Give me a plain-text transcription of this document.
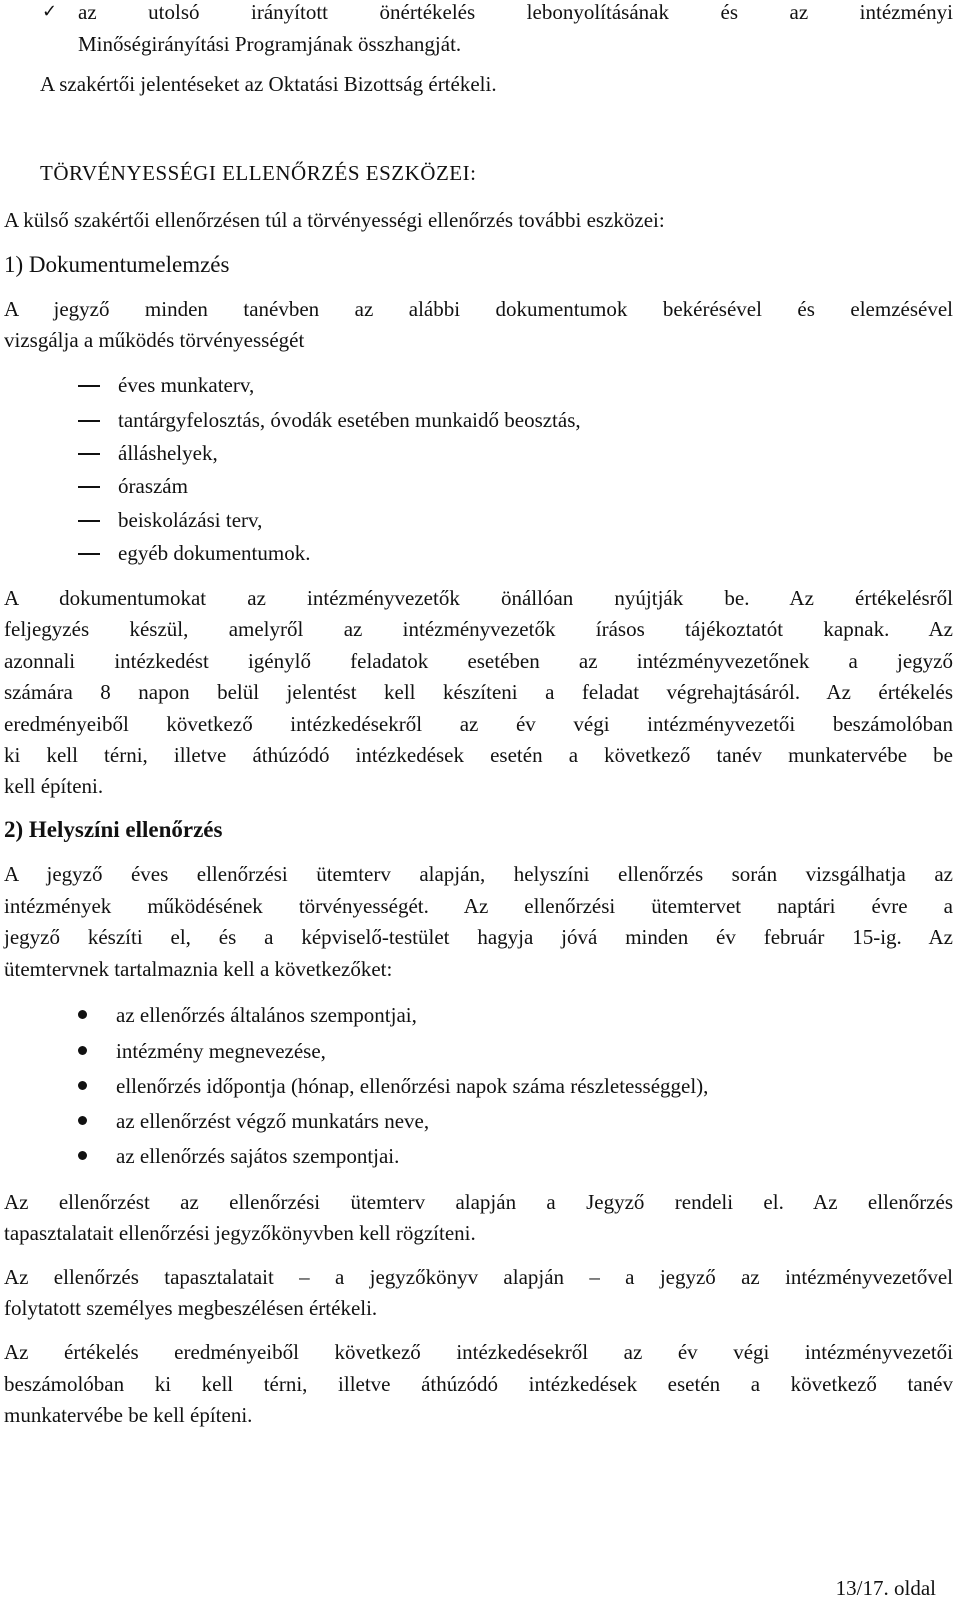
✓ az utolsó irányított önértékelés lebonyolításának és az intézményi
Minőségirányítási Programjának összhangját.
A szakértői jelentéseket az Oktatási Bizottság értékeli.
TÖRVÉNYESSÉGI ELLENŐRZÉS ESZKÖZEI:
A külső szakértői ellenőrzésen túl a törvényességi ellenőrzés további eszközei:
1) Dokumentumelemzés
A jegyző minden tanévben az alábbi dokumentumok bekérésével és elemzésével
vizsgálja a működés törvényességét
éves munkaterv,
tantárgyfelosztás, óvodák esetében munkaidő beosztás,
álláshelyek,
óraszám
beiskolázási terv,
egyéb dokumentumok.
A dokumentumokat az intézményvezetők önállóan nyújtják be. Az értékelésről
feljegyzés készül, amelyről az intézményvezetők írásos tájékoztatót kapnak. Az
azonnali intézkedést igénylő feladatok esetében az intézményvezetőnek a jegyző
számára 8 napon belül jelentést kell készíteni a feladat végrehajtásáról. Az értékelés
eredményeiből következő intézkedésekről az év végi intézményvezetői beszámolóban
ki kell térni, illetve áthúzódó intézkedések esetén a következő tanév munkatervébe be
kell építeni.
2) Helyszíni ellenőrzés
A jegyző éves ellenőrzési ütemterv alapján, helyszíni ellenőrzés során vizsgálhatja az
intézmények működésének törvényességét. Az ellenőrzési ütemtervet naptári évre a
jegyző készíti el, és a képviselő-testület hagyja jóvá minden év február 15-ig. Az
ütemtervnek tartalmaznia kell a következőket:
az ellenőrzés általános szempontjai,
intézmény megnevezése,
ellenőrzés időpontja (hónap, ellenőrzési napok száma részletességgel),
az ellenőrzést végző munkatárs neve,
az ellenőrzés sajátos szempontjai.
Az ellenőrzést az ellenőrzési ütemterv alapján a Jegyző rendeli el. Az ellenőrzés
tapasztalatait ellenőrzési jegyzőkönyvben kell rögzíteni.
Az ellenőrzés tapasztalatait – a jegyzőkönyv alapján – a jegyző az intézményvezetővel
folytatott személyes megbeszélésen értékeli.
Az értékelés eredményeiből következő intézkedésekről az év végi intézményvezetői
beszámolóban ki kell térni, illetve áthúzódó intézkedések esetén a következő tanév
munkatervébe be kell építeni.
13/17. oldal
